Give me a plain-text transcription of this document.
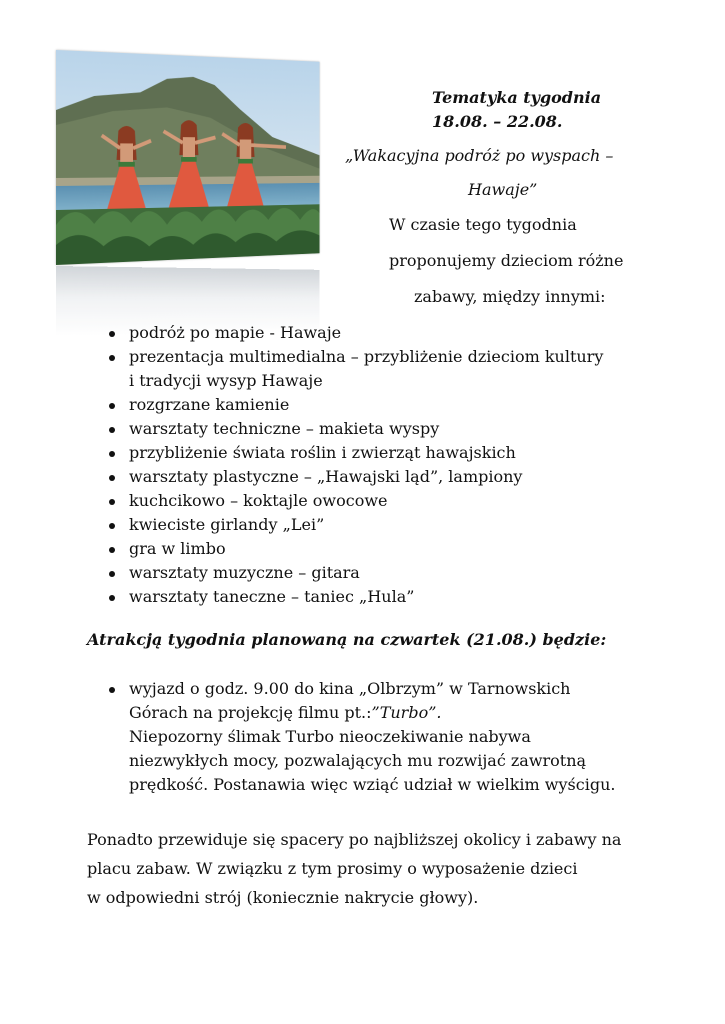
Tematyka tygodnia
18.08. – 22.08.
„Wakacyjna podróż po wyspach –
Hawaje”
W czasie tego tygodnia
proponujemy dzieciom różne
zabawy, między innymi:
podróż po mapie - Hawaje
prezentacja multimedialna – przybliżenie dzieciom kultury
i tradycji wysyp Hawaje
rozgrzane kamienie
warsztaty techniczne – makieta wyspy
przybliżenie świata roślin i zwierząt hawajskich
warsztaty plastyczne – „Hawajski ląd”, lampiony
kuchcikowo – koktajle owocowe
kwieciste girlandy „Lei”
gra w limbo
warsztaty muzyczne – gitara
warsztaty taneczne – taniec „Hula”
Atrakcją tygodnia planowaną na czwartek (21.08.) będzie:
wyjazd o godz. 9.00 do kina „Olbrzym” w Tarnowskich
Górach na projekcję filmu pt.:”Turbo”.
Niepozorny ślimak Turbo nieoczekiwanie nabywa
niezwykłych mocy, pozwalających mu rozwijać zawrotną
prędkość. Postanawia więc wziąć udział w wielkim wyścigu.
Ponadto przewiduje się spacery po najbliższej okolicy i zabawy na
placu zabaw. W związku z tym prosimy o wyposażenie dzieci
w odpowiedni strój (koniecznie nakrycie głowy).
